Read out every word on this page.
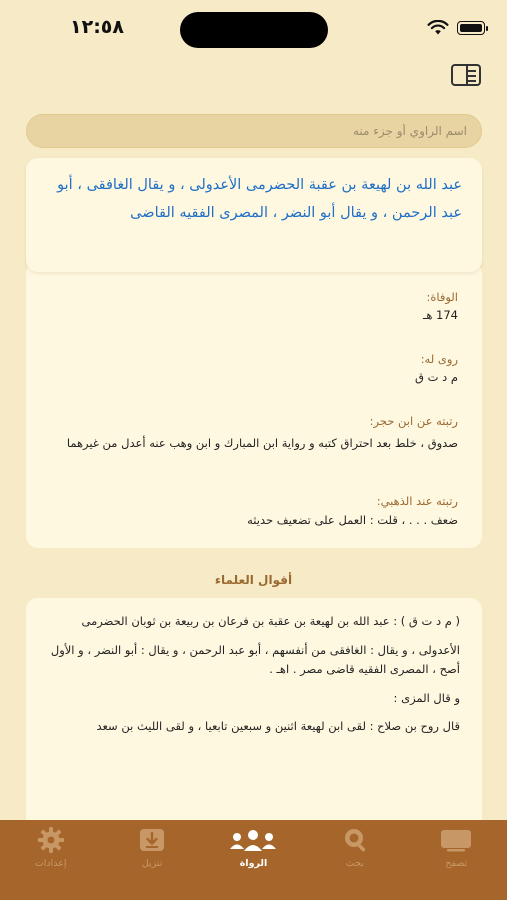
١٢:٥٨
اسم الراوي أو جزء منه
الوفاة:
174 هـ
روى له:
م د ت ق
رتبته عن ابن حجر:
صدوق ، خلط بعد احتراق كتبه و رواية ابن المبارك و ابن وهب عنه أعدل من غيرهما
رتبته عند الذهبي:
ضعف . . . ، قلت : العمل على تضعيف حديثه
عبد الله بن لهيعة بن عقبة الحضرمى الأعدولى ، و يقال الغافقى ، أبو عبد الرحمن ، و يقال أبو النضر ، المصرى الفقيه القاضى
أقوال العلماء
( م د ت ق ) : عبد الله بن لهيعة بن عقبة بن فرعان بن ربيعة بن ثوبان الحضرمى
الأعدولى ، و يقال : الغافقى من أنفسهم ، أبو عبد الرحمن ، و يقال : أبو النضر ، و الأول أصح ، المصرى الفقيه قاضى مصر . اهـ .
و قال المزى :
قال روح بن صلاح : لقى ابن لهيعة اثنين و سبعين تابعيا ، و لقى الليث بن سعد
تصفح
بحث
الرواة
تنزيل
إعدادات
